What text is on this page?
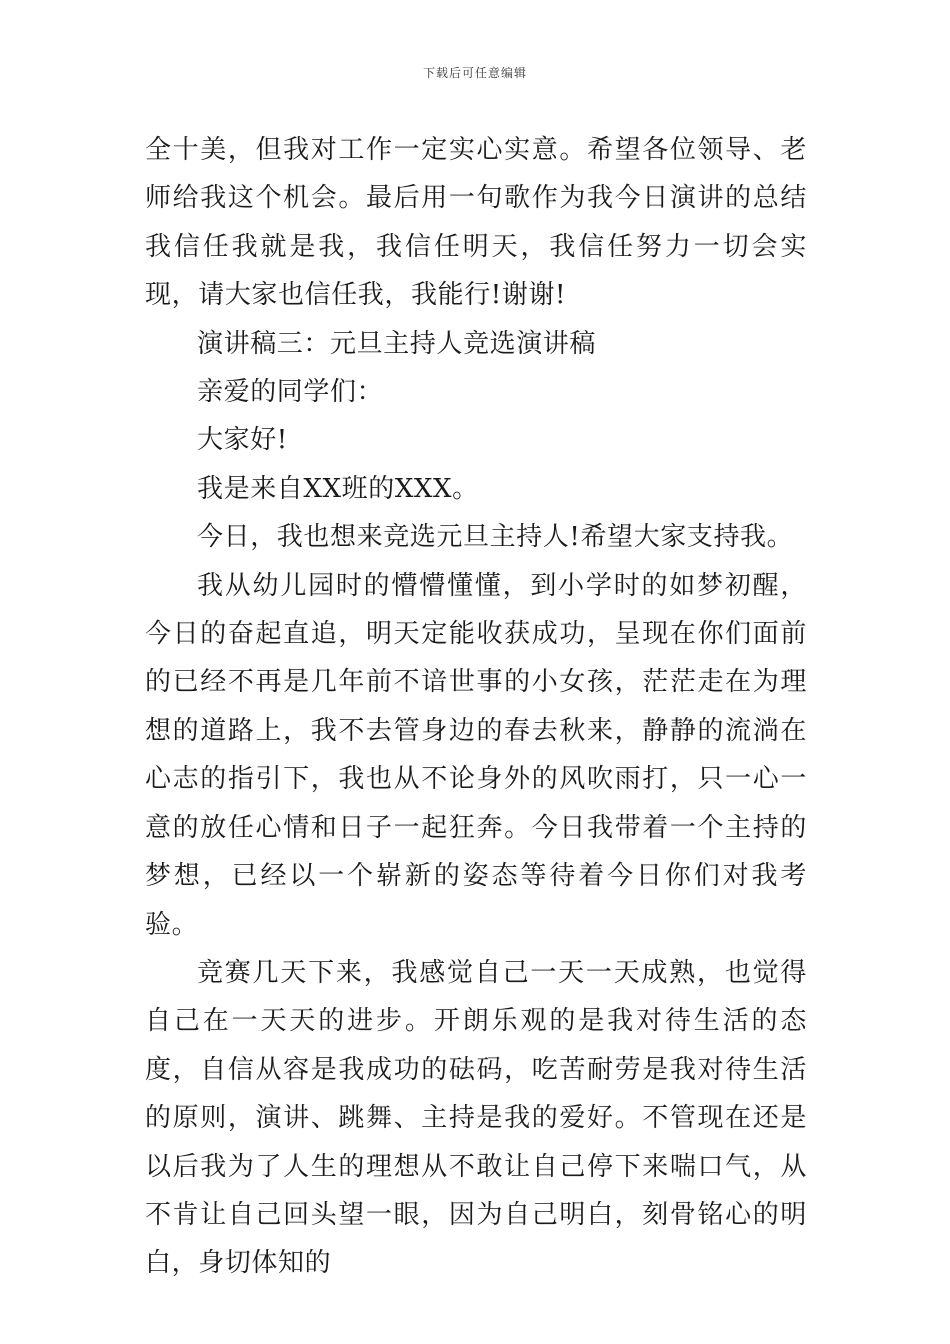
下载后可任意编辑

全十美，但我对工作一定实心实意。希望各位领导、老师给我这个机会。最后用一句歌作为我今日演讲的总结我信任我就是我，我信任明天，我信任努力一切会实现，请大家也信任我，我能行!谢谢!

演讲稿三：元旦主持人竞选演讲稿

亲爱的同学们：

大家好!

我是来自XX班的XXX。

今日，我也想来竞选元旦主持人!希望大家支持我。

我从幼儿园时的懵懵懂懂，到小学时的如梦初醒，今日的奋起直追，明天定能收获成功，呈现在你们面前的已经不再是几年前不谙世事的小女孩，茫茫走在为理想的道路上，我不去管身边的春去秋来，静静的流淌在心志的指引下，我也从不论身外的风吹雨打，只一心一意的放任心情和日子一起狂奔。今日我带着一个主持的梦想，已经以一个崭新的姿态等待着今日你们对我考验。

竞赛几天下来，我感觉自己一天一天成熟，也觉得自己在一天天的进步。开朗乐观的是我对待生活的态度，自信从容是我成功的砝码，吃苦耐劳是我对待生活的原则，演讲、跳舞、主持是我的爱好。不管现在还是以后我为了人生的理想从不敢让自己停下来喘口气，从不肯让自己回头望一眼，因为自己明白，刻骨铭心的明白，身切体知的
